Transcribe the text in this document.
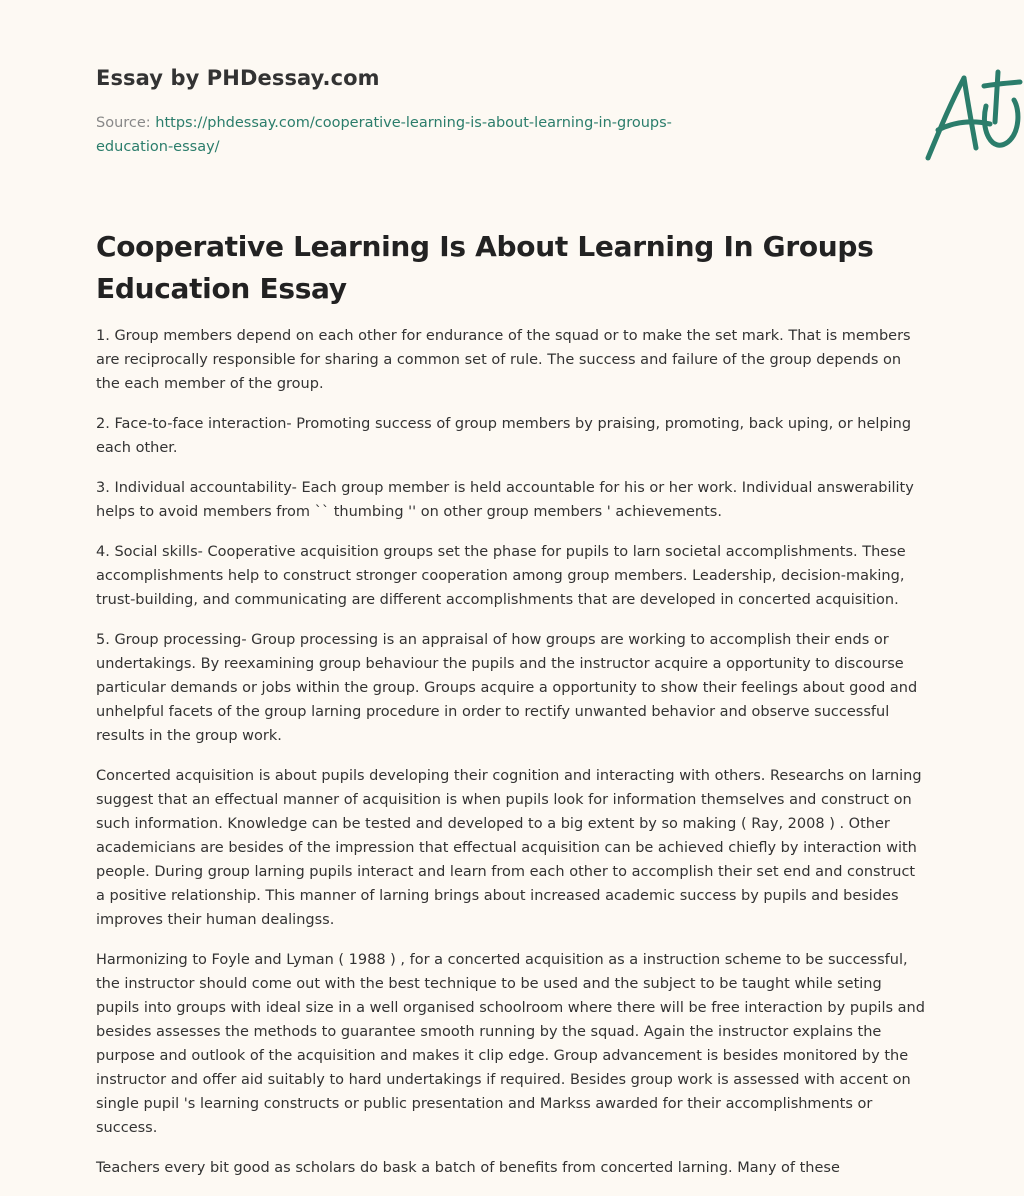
Essay by PHDessay.com
Source: https://phdessay.com/cooperative-learning-is-about-learning-in-groups-education-essay/
Cooperative Learning Is About Learning In Groups Education Essay

1. Group members depend on each other for endurance of the squad or to make the set mark. That is members are reciprocally responsible for sharing a common set of rule. The success and failure of the group depends on the each member of the group.

2. Face-to-face interaction- Promoting success of group members by praising, promoting, back uping, or helping each other.

3. Individual accountability- Each group member is held accountable for his or her work. Individual answerability helps to avoid members from `` thumbing '' on other group members ' achievements.

4. Social skills- Cooperative acquisition groups set the phase for pupils to larn societal accomplishments. These accomplishments help to construct stronger cooperation among group members. Leadership, decision-making, trust-building, and communicating are different accomplishments that are developed in concerted acquisition.

5. Group processing- Group processing is an appraisal of how groups are working to accomplish their ends or undertakings. By reexamining group behaviour the pupils and the instructor acquire a opportunity to discourse particular demands or jobs within the group. Groups acquire a opportunity to show their feelings about good and unhelpful facets of the group larning procedure in order to rectify unwanted behavior and observe successful results in the group work.

Concerted acquisition is about pupils developing their cognition and interacting with others. Researchs on larning suggest that an effectual manner of acquisition is when pupils look for information themselves and construct on such information. Knowledge can be tested and developed to a big extent by so making ( Ray, 2008 ) . Other academicians are besides of the impression that effectual acquisition can be achieved chiefly by interaction with people. During group larning pupils interact and learn from each other to accomplish their set end and construct a positive relationship. This manner of larning brings about increased academic success by pupils and besides improves their human dealingss.

Harmonizing to Foyle and Lyman ( 1988 ) , for a concerted acquisition as a instruction scheme to be successful, the instructor should come out with the best technique to be used and the subject to be taught while seting pupils into groups with ideal size in a well organised schoolroom where there will be free interaction by pupils and besides assesses the methods to guarantee smooth running by the squad. Again the instructor explains the purpose and outlook of the acquisition and makes it clip edge. Group advancement is besides monitored by the instructor and offer aid suitably to hard undertakings if required. Besides group work is assessed with accent on single pupil 's learning constructs or public presentation and Markss awarded for their accomplishments or success.

Teachers every bit good as scholars do bask a batch of benefits from concerted larning. Many of these
